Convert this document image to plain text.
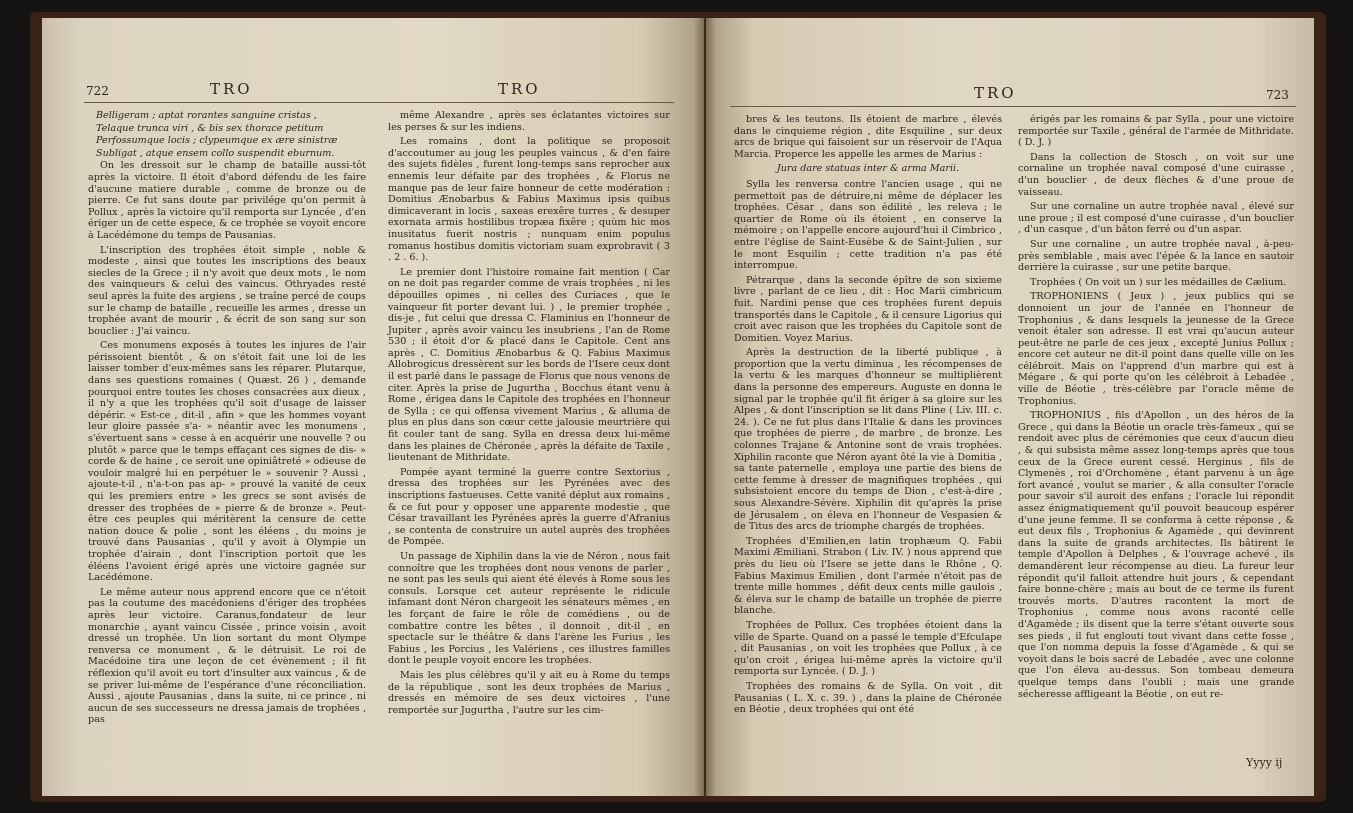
722	TRO	TRO

Belligeram ; aptat rorantes sanguine cristas ,

Telaque trunca viri , & bis sex thorace petitum

Perfossumque locis ; clypeumque ex ære sinistræ

Subligat , atque ensem collo suspendit eburnum.

On les dressoit sur le champ de bataille aussi-tôt après la victoire. Il étoit d'abord défendu de les faire d'aucune matiere durable , comme de bronze ou de pierre. Ce fut sans doute par privilége qu'on permit à Pollux , après la victoire qu'il remporta sur Lyncée , d'en ériger un de cette espece, & ce trophée se voyoit encore à Lacédémone du temps de Pausanias.

L'inscription des trophées étoit simple , noble & modeste , ainsi que toutes les inscriptions des beaux siecles de la Grece ; il n'y avoit que deux mots , le nom des vainqueurs & celui des vaincus. Othryades resté seul après la fuite des argiens , se traîne percé de coups sur le champ de bataille , recueille les armes , dresse un trophée avant de mourir , & écrit de son sang sur son bouclier : J'ai vaincu.

Ces monumens exposés à toutes les injures de l'air périssoient bientôt , & on s'étoit fait une loi de les laisser tomber d'eux-mêmes sans les réparer. Plutarque, dans ses questions romaines ( Quæst. 26 ) , demande pourquoi entre toutes les choses consacrées aux dieux , il n'y a que les trophées qu'il soit d'usage de laisser dépérir. « Est-ce , dit-il , afin » que les hommes voyant leur gloire passée s'a- » néantir avec les monumens , s'évertuent sans » cesse à en acquérir une nouvelle ? ou plutôt » parce que le temps effaçant ces signes de dis- » corde & de haine , ce seroit une opiniâtreté » odieuse de vouloir malgré lui en perpétuer le » souvenir ? Aussi , ajoute-t-il , n'a-t-on pas ap- » prouvé la vanité de ceux qui les premiers entre » les grecs se sont avisés de dresser des trophées de » pierre & de bronze ». Peut-être ces peuples qui méritèrent la censure de cette nation douce & polie , sont les éléens , du moins je trouvé dans Pausanias , qu'il y avoit à Olympie un trophée d'airain , dont l'inscription portoit que les éléens l'avoient érigé après une victoire gagnée sur Lacédémone.

Le même auteur nous apprend encore que ce n'étoit pas la coutume des macédoniens d'ériger des trophées après leur victoire. Caranus,fondateur de leur monarchie , ayant vaincu Cissée , prince voisin , avoit dressé un trophée. Un lion sortant du mont Olympe renversa ce monument , & le détruisit. Le roi de Macédoine tira une leçon de cet évènement ; il fit réflexion qu'il avoit eu tort d'insulter aux vaincus , & de se priver lui-même de l'espérance d'une réconciliation. Aussi , ajoute Pausanias , dans la suite, ni ce prince , ni aucun de ses successeurs ne dressa jamais de trophées , pas

même Alexandre , après ses éclatantes victoires sur les perses & sur les indiens.

Les romains , dont la politique se proposoit d'accoutumer au joug les peuples vaincus , & d'en faire des sujets fidèles , furent long-temps sans reprocher aux ennemis leur défaite par des trophées , & Florus ne manque pas de leur faire honneur de cette modération : Domitius Ænobarbus & Fabius Maximus ipsis quibus dimicaverant in locis , saxeas erexêre turres , & desuper exornata armis hostilibus tropæa fixêre ; quùm hic mos inusitatus fuerit nostris ; nunquam enim populus romanus hostibus domitis victoriam suam exprobravit ( 3 . 2 . 6. ).

Le premier dont l'histoire romaine fait mention ( Car on ne doit pas regarder comme de vrais trophées , ni les dépouilles opimes , ni celles des Curiaces , que le vainqueur fit porter devant lui. ) , le premier trophée , dis-je , fut celui que dressa C. Flaminius en l'honneur de Jupiter , après avoir vaincu les insubriens , l'an de Rome 530 ; il étoit d'or & placé dans le Capitole. Cent ans après , C. Domitius Ænobarbus & Q. Fabius Maximus Allobrogicus dressèrent sur les bords de l'Isere ceux dont il est parlé dans le passage de Florus que nous venons de citer. Après la prise de Jugurtha , Bocchus étant venu à Rome , érigea dans le Capitole des trophées en l'honneur de Sylla ; ce qui offensa vivement Marius , & alluma de plus en plus dans son cœur cette jalousie meurtrière qui fit couler tant de sang. Sylla en dressa deux lui-même dans les plaines de Chéronée , après la défaite de Taxile , lieutenant de Mithridate.

Pompée ayant terminé la guerre contre Sextorius , dressa des trophées sur les Pyrénées avec des inscriptions fastueuses. Cette vanité déplut aux romains , & ce fut pour y opposer une apparente modestie , que César travaillant les Pyrénées après la guerre d'Afranius , se contenta de construire un autel auprès des trophées de Pompée.

Un passage de Xiphilin dans la vie de Néron , nous fait connoître que les trophées dont nous venons de parler , ne sont pas les seuls qui aient été élevés à Rome sous les consuls. Lorsque cet auteur représente le ridicule infamant dont Néron chargeoit les sénateurs mêmes , en les forçant de faire le rôle de comédiens , ou de combattre contre les bêtes , il donnoit , dit-il , en spectacle sur le théâtre & dans l'arène les Furius , les Fabius , les Porcius , les Valériens , ces illustres familles dont le peuple voyoit encore les trophées.

Mais les plus célèbres qu'il y ait eu à Rome du temps de la république , sont les deux trophées de Marius , dressés en mémoire de ses deux victoires , l'une remportée sur Jugurtha , l'autre sur les cim-

TRO	723

bres & les teutons. Ils étoient de marbre , élevés dans le cinquieme région , dite Esquiline , sur deux arcs de brique qui faisoient sur un réservoir de l'Aqua Marcia. Properce les appelle les armes de Marius :

Jura dare statuas inter & arma Marii.

Sylla les renversa contre l'ancien usage , qui ne permettoit pas de détruire,ni même de déplacer les trophées. César , dans son édilité , les releva ; le quartier de Rome où ils étoient , en conserve la mémoire ; on l'appelle encore aujourd'hui il Cimbrico , entre l'église de Saint-Eusèbe & de Saint-Julien , sur le mont Esquilin ; cette tradition n'a pas été interrompue.

Pétrarque , dans la seconde épître de son sixieme livre , parlant de ce lieu , dit : Hoc Marii cimbricum fuit. Nardini pense que ces trophées furent depuis transportés dans le Capitole , & il censure Ligorius qui croit avec raison que les trophées du Capitole sont de Domitien. Voyez Marius.

Après la destruction de la liberté publique , à proportion que la vertu diminua , les récompenses de la vertu & les marques d'honneur se multiplièrent dans la personne des empereurs. Auguste en donna le signal par le trophée qu'il fit ériger à sa gloire sur les Alpes , & dont l'inscription se lit dans Pline ( Liv. III. c. 24. ). Ce ne fut plus dans l'Italie & dans les provinces que trophées de pierre , de marbre , de bronze. Les colonnes Trajane & Antonine sont de vrais trophées. Xiphilin raconte que Néron ayant ôté la vie à Domitia , sa tante paternelle , employa une partie des biens de cette femme à dresser de magnifiques trophées , qui subsistoient encore du temps de Dion , c'est-à-dire , sous Alexandre-Sévère. Xiphilin dit qu'après la prise de Jérusalem , on éleva en l'honneur de Vespasien & de Titus des arcs de triomphe chargés de trophées.

Trophées d'Emilien,en latin trophæum Q. Fabii Maximi Æmiliani. Strabon ( Liv. IV. ) nous apprend que près du lieu où l'Isere se jette dans le Rhône , Q. Fabius Maximus Emilien , dont l'armée n'étoit pas de trente mille hommes , défit deux cents mille gaulois , & éleva sur le champ de bataille un trophée de pierre blanche.

Trophées de Pollux. Ces trophées étoient dans la ville de Sparte. Quand on a passé le temple d'Efculape , dit Pausanias , on voit les trophées que Pollux , à ce qu'on croit , érigea lui-même après la victoire qu'il remporta sur Lyncée. ( D. J. )

Trophées des romains & de Sylla. On voit , dit Pausanias ( L. X. c. 39. ) , dans la plaine de Chéronée en Béotie , deux trophées qui ont été

érigés par les romains & par Sylla , pour une victoire remportée sur Taxile , général de l'armée de Mithridate. ( D. J. )

Dans la collection de Stosch , on voit sur une cornaline un trophée naval composé d'une cuirasse , d'un bouclier , de deux flèches & d'une proue de vaisseau.

Sur une cornaline un autre trophée naval , élevé sur une proue ; il est composé d'une cuirasse , d'un bouclier , d'un casque , d'un bâton ferré ou d'un aspar.

Sur une cornaline , un autre trophée naval , à-peu-près semblable , mais avec l'épée & la lance en sautoir derrière la cuirasse , sur une petite barque.

Trophées ( On voit un ) sur les médailles de Cælium.

TROPHONIENS ( Jeux ) , jeux publics qui se donnoient un jour de l'année en l'honneur de Trophonius , & dans lesquels la jeunesse de la Grece venoit étaler son adresse. Il est vrai qu'aucun auteur peut-être ne parle de ces jeux , excepté Junius Pollux ; encore cet auteur ne dit-il point dans quelle ville on les célébroit. Mais on l'apprend d'un marbre qui est à Mégare , & qui porte qu'on les célébroit à Lebadée , ville de Béotie , très-célèbre par l'oracle même de Trophonius.

TROPHONIUS , fils d'Apollon , un des héros de la Grece , qui dans la Béotie un oracle très-fameux , qui se rendoit avec plus de cérémonies que ceux d'aucun dieu , & qui subsista même assez long-temps après que tous ceux de la Grece eurent cessé. Herginus , fils de Clymenès , roi d'Orchomène , étant parvenu à un âge fort avancé , voulut se marier , & alla consulter l'oracle pour savoir s'il auroit des enfans ; l'oracle lui répondit assez énigmatiquement qu'il pouvoit beaucoup espérer d'une jeune femme. Il se conforma à cette réponse , & eut deux fils , Trophonius & Agamède , qui devinrent dans la suite de grands architectes. Ils bâtirent le temple d'Apollon à Delphes , & l'ouvrage achevé , ils demandèrent leur récompense au dieu. La fureur leur répondit qu'il falloit attendre huit jours , & cependant faire bonne-chère ; mais au bout de ce terme ils furent trouvés morts. D'autres racontent la mort de Trophonius , comme nous avons raconté celle d'Agamède ; ils disent que la terre s'étant ouverte sous ses pieds , il fut englouti tout vivant dans cette fosse , que l'on nomma depuis la fosse d'Agamède , & qui se voyoit dans le bois sacré de Lebadée , avec une colonne que l'on éleva au-dessus. Son tombeau demeura quelque temps dans l'oubli ; mais une grande sécheresse affligeant la Béotie , on eut re-

Yyyy ij
